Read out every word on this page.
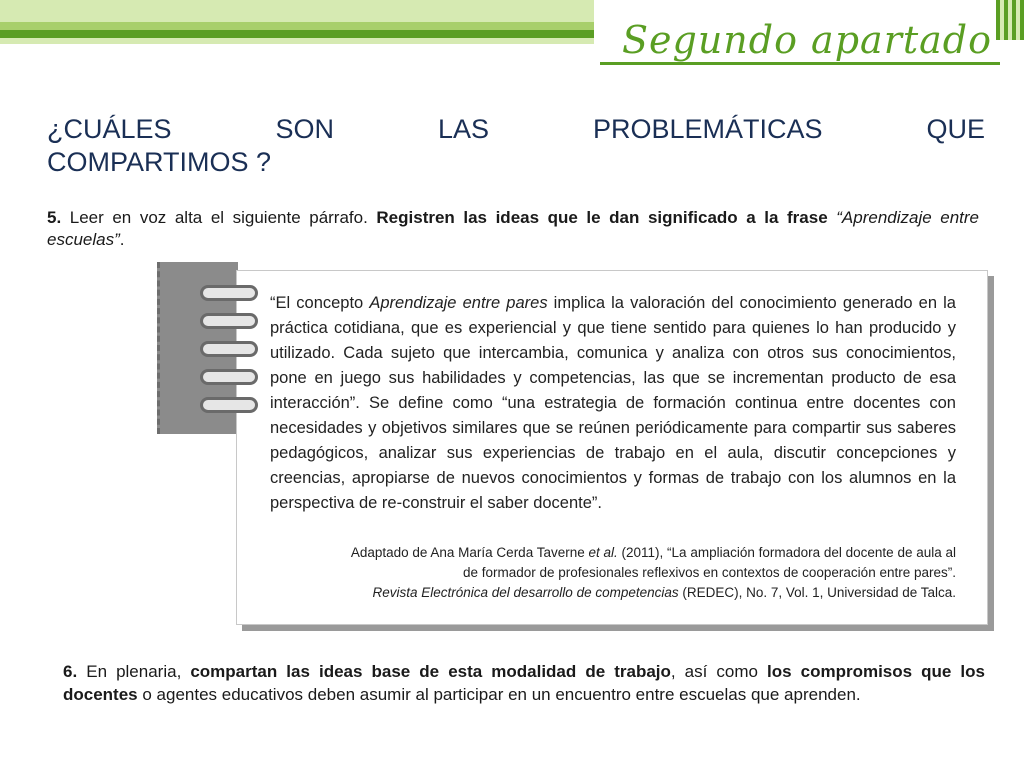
Segundo apartado
¿CUÁLES	SON	LAS	PROBLEMÁTICAS	QUE
COMPARTIMOS ?
5. Leer en voz alta el siguiente párrafo. Registren las ideas que le dan significado a la frase “Aprendizaje entre escuelas”.
“El concepto Aprendizaje entre pares implica la valoración del conocimiento generado en la práctica cotidiana, que es experiencial y que tiene sentido para quienes lo han producido y utilizado. Cada sujeto que intercambia, comunica y analiza con otros sus conocimientos, pone en juego sus habilidades y competencias, las que se incrementan producto de esa interacción”. Se define como “una estrategia de formación continua entre docentes con necesidades y objetivos similares que se reúnen periódicamente para compartir sus saberes pedagógicos, analizar sus experiencias de trabajo en el aula, discutir concepciones y creencias, apropiarse de nuevos conocimientos y formas de trabajo con los alumnos en la perspectiva de re-construir el saber docente”.
Adaptado de Ana María Cerda Taverne et al. (2011), “La ampliación formadora del docente de aula al de formador de profesionales reflexivos en contextos de cooperación entre pares”.
Revista Electrónica del desarrollo de competencias (REDEC), No. 7, Vol. 1, Universidad de Talca.
6. En plenaria, compartan las ideas base de esta modalidad de trabajo, así como los compromisos que los docentes o agentes educativos deben asumir al participar en un encuentro entre escuelas que aprenden.
